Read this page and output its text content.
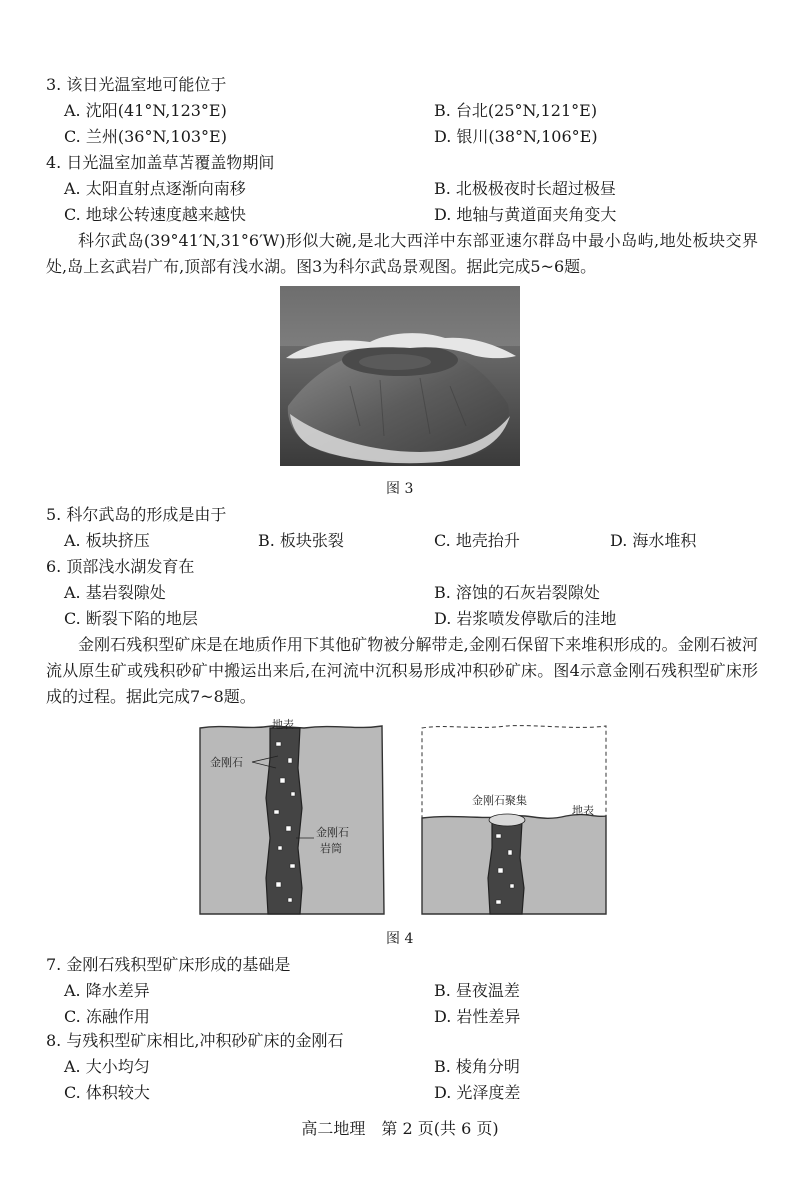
3. 该日光温室地可能位于
A. 沈阳(41°N,123°E)	B. 台北(25°N,121°E)
C. 兰州(36°N,103°E)	D. 银川(38°N,106°E)
4. 日光温室加盖草苫覆盖物期间
A. 太阳直射点逐渐向南移	B. 北极极夜时长超过极昼
C. 地球公转速度越来越快	D. 地轴与黄道面夹角变大
科尔武岛(39°41′N,31°6′W)形似大碗,是北大西洋中东部亚速尔群岛中最小岛屿,地处板块交界处,岛上玄武岩广布,顶部有浅水湖。图3为科尔武岛景观图。据此完成5~6题。
图 3
5. 科尔武岛的形成是由于
A. 板块挤压	B. 板块张裂	C. 地壳抬升	D. 海水堆积
6. 顶部浅水湖发育在
A. 基岩裂隙处	B. 溶蚀的石灰岩裂隙处
C. 断裂下陷的地层	D. 岩浆喷发停歇后的洼地
金刚石残积型矿床是在地质作用下其他矿物被分解带走,金刚石保留下来堆积形成的。金刚石被河流从原生矿或残积砂矿中搬运出来后,在河流中沉积易形成冲积砂矿床。图4示意金刚石残积型矿床形成的过程。据此完成7~8题。
地表
金刚石
金刚石
岩筒
金刚石聚集
地表
图 4
7. 金刚石残积型矿床形成的基础是
A. 降水差异	B. 昼夜温差
C. 冻融作用	D. 岩性差异
8. 与残积型矿床相比,冲积砂矿床的金刚石
A. 大小均匀	B. 棱角分明
C. 体积较大	D. 光泽度差
高二地理　第 2 页(共 6 页)
